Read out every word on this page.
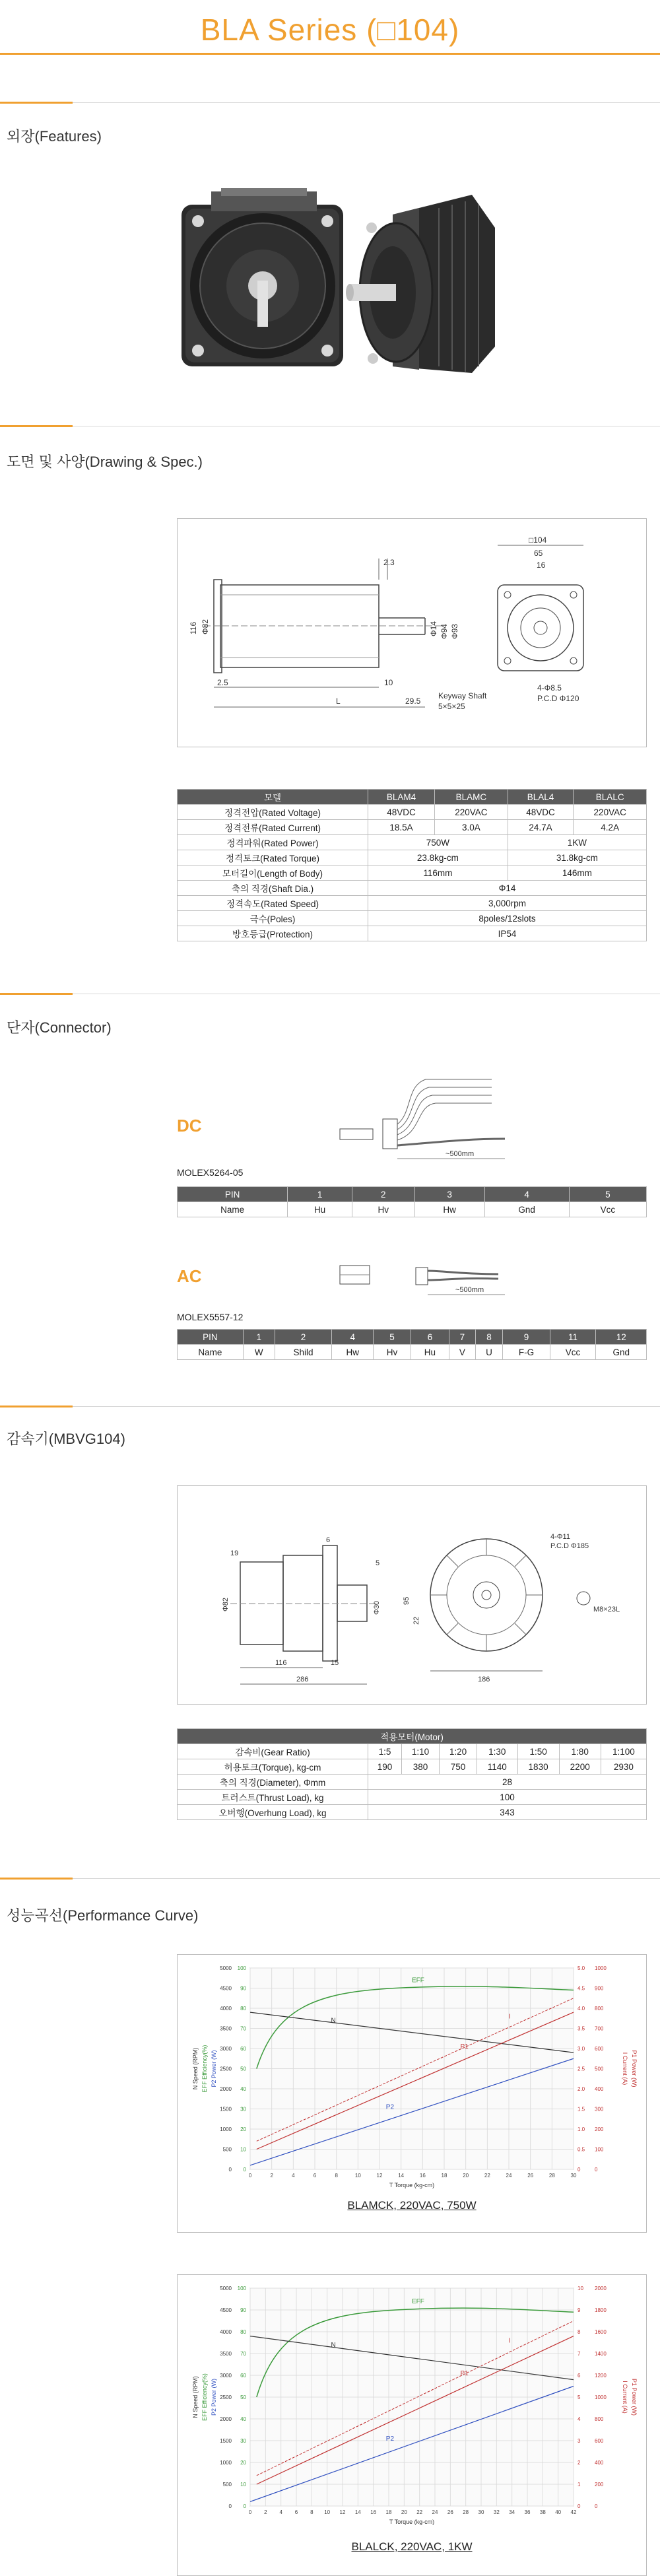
BLA Series (□104)
외장(Features)
도면 및 사양(Drawing & Spec.)
2.3
116 Φ82	Φ14 Φ94 Φ93
2.5	10
L	29.5
Keyway Shaft
5×5×25
□104
65
16
4-Φ8.5
P.C.D Φ120
모델	BLAM4	BLAMC	BLAL4	BLALC
정격전압(Rated Voltage)	48VDC	220VAC	48VDC	220VAC
정격전류(Rated Current)	18.5A	3.0A	24.7A	4.2A
정격파워(Rated Power)	750W		1KW	
정격토크(Rated Torque)	23.8kg-cm		31.8kg-cm	
모터길이(Length of Body)	116mm		146mm	
축의 직경(Shaft Dia.)	Φ14			
정격속도(Rated Speed)	3,000rpm			
극수(Poles)	8poles/12slots			
방호등급(Protection)	IP54			
단자(Connector)
DC
~500mm
MOLEX5264-05
PIN	1	2	3	4	5
Name	Hu	Hv	Hw	Gnd	Vcc
AC
~500mm
MOLEX5557-12
PIN	1	2	4	5	6	7	8	9	11	12
Name	W	Shild	Hw	Hv	Hu	V	U	F-G	Vcc	Gnd
감속기(MBVG104)
Φ82
19
5
Φ30
6
116	15
286	186
22
95
4-Φ11
P.C.D Φ185
M8×23L
적용모터(Motor)							
감속비(Gear Ratio)	1:5	1:10	1:20	1:30	1:50	1:80	1:100
허용토크(Torque), kg-cm	190	380	750	1140	1830	2200	2930
축의 직경(Diameter), Φmm	28						
트러스트(Thrust Load), kg	100						
오버행(Overhung Load), kg	343						
성능곡선(Performance Curve)
0	2	4	6	8	10	12	14	16	18	20	22	24	26	28	30
0 0	0	0
500 10	0.5 100
1000 20	1.0 200
1500 30	1.5 300
2000 40	2.0 400
2500 50	2.5 500
3000 60	3.0 600
3500 70	3.5 700
4000 80	4.0 800
4500 90	4.5 900
5000 100	5.0 1000
T Torque (kg-cm)
N Speed (RPM) EFF Efficiency(%) P2 Power (W)	I Current (A) P1 Power (W)
EFF
N
P2
P1
I
BLAMCK, 220VAC, 750W
0 2 4 6 8 10 12 14 16 18 20 22 24 26 28 30 32 34 36 38 40 42
0 0	0	0
500 10	1	200
1000 20	2	400
1500 30	3	600
2000 40	4	800
2500 50	5	1000
3000 60	6	1200
3500 70	7	1400
4000 80	8	1600
4500 90	9	1800
5000 100	10 2000
T Torque (kg-cm)
N Speed (RPM) EFF Efficiency(%) P2 Power (W)	I Current (A) P1 Power (W)
EFF
N
P2
P1
I
BLALCK, 220VAC, 1KW
